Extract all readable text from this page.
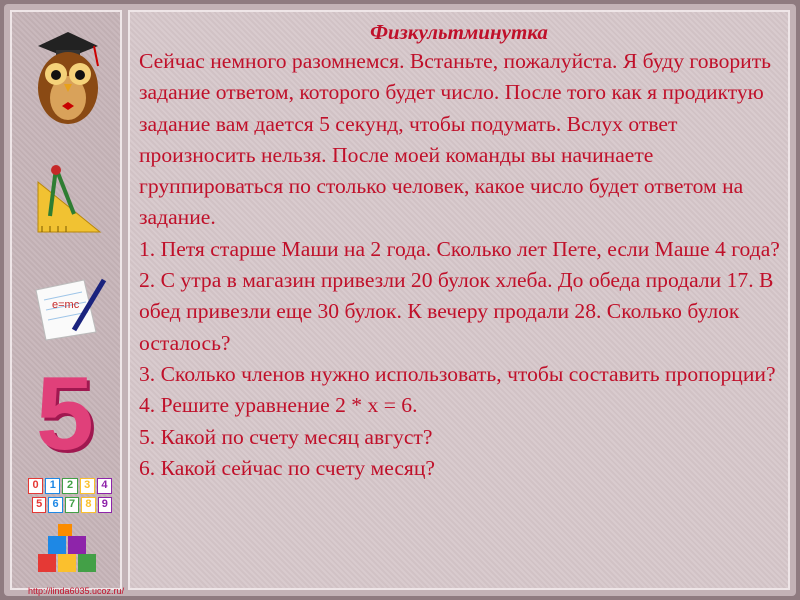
e=mc
5
0	1	2	3	4
5 6 7 8 9
http://linda6035.ucoz.ru/
Физкультминутка

Сейчас немного разомнемся. Встаньте, пожалуйста. Я буду говорить задание ответом, которого будет число. После того как я продиктую задание вам дается 5 секунд, чтобы подумать. Вслух ответ произносить нельзя. После моей команды вы начинаете группироваться по столько человек, какое число будет ответом на задание.

1. Петя старше Маши на 2 года. Сколько лет Пете, если Маше 4 года?

2. С утра в магазин привезли 20 булок хлеба. До обеда продали 17. В обед привезли еще 30 булок. К вечеру продали 28. Сколько булок осталось?

3. Сколько членов нужно использовать, чтобы составить пропорции?

4. Решите уравнение 2 * х = 6.

5. Какой по счету месяц август?

6. Какой сейчас по счету месяц?
